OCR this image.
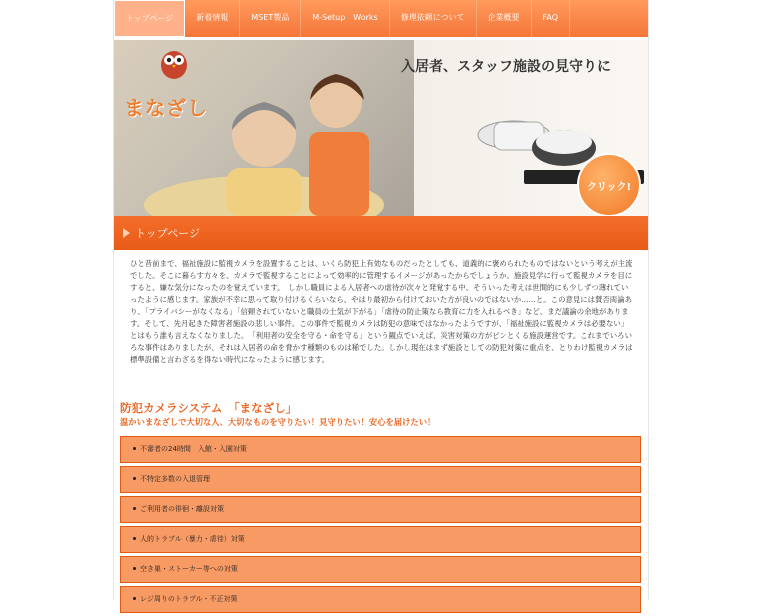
トップページ	新着情報	MSET製品	M-Setup　Works	修理依頼について	企業概要	FAQ
まなざし
入居者、スタッフ施設の見守りに
クリック!
トップページ
ひと昔前まで、福祉施設に監視カメラを設置することは、いくら防犯上有効なものだったとしても、道義的に褒められたものではないという考えが主流でした。そこに暮らす方々を、カメラで監視することによって効率的に管理するイメージがあったからでしょうか。施設見学に行って監視カメラを目にすると、嫌な気分になったのを覚えています。　しかし職員による入居者への虐待が次々と発覚する中、そういった考えは世間的にも少しずつ薄れていったように感じます。家族が不幸に思って取り付けるくらいなら、やはり最初から付けておいた方が良いのではないか……と。この意見には賛否両論あり、「プライバシーがなくなる」「信頼されていないと職員の士気が下がる」「虐待の防止策なら教育に力を入れるべき」など、まだ議論の余地があります。そして、先月起きた障害者施設の悲しい事件。この事件で監視カメラは防犯の意味ではなかったようですが、「福祉施設に監視カメラは必要ない」とはもう誰も言えなくなりました。　「利用者の安全を守る・命を守る」という観点でいえば、災害対策の方がピンとくる施設運営です。これまでいろいろな事件はありましたが、それは入居者の命を脅かす種類のものは稀でした。しかし現在はまず施設としての防犯対策に重点を、とりわけ監視カメラは標準設備と言わざるを得ない時代になったように感じます。
防犯カメラシステム　「まなざし」
温かいまなざしで大切な人、大切なものを守りたい！見守りたい！安心を届けたい！
不審者の24時間　入館・入園対策
不特定多数の入退管理
ご利用者の徘徊・離設対策
人的トラブル（暴力・虐待）対策
空き巣・ストーカー等への対策
レジ周りのトラブル・不正対策
